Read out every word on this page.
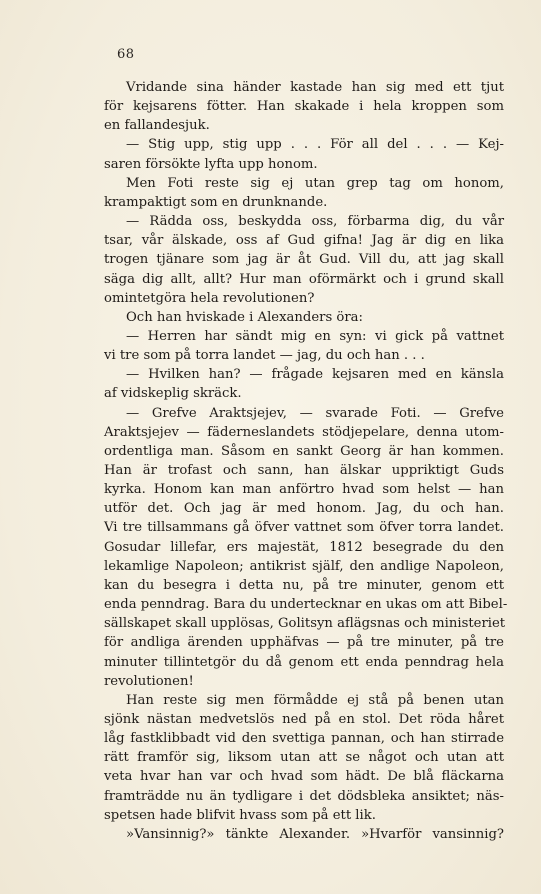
68
Vridande sina händer kastade han sig med ett tjut
för kejsarens fötter. Han skakade i hela kroppen som
en fallandesjuk.
— Stig upp, stig upp . . . För all del . . . — Kej-
saren försökte lyfta upp honom.
Men Foti reste sig ej utan grep tag om honom,
krampaktigt som en drunknande.
— Rädda oss, beskydda oss, förbarma dig, du vår
tsar, vår älskade, oss af Gud gifna! Jag är dig en lika
trogen tjänare som jag är åt Gud. Vill du, att jag skall
säga dig allt, allt? Hur man oförmärkt och i grund skall
omintetgöra hela revolutionen?
Och han hviskade i Alexanders öra:
— Herren har sändt mig en syn: vi gick på vattnet
vi tre som på torra landet — jag, du och han . . .
— Hvilken han? — frågade kejsaren med en känsla
af vidskeplig skräck.
— Grefve Araktsjejev, — svarade Foti. — Grefve
Araktsjejev — fäderneslandets stödjepelare, denna utom-
ordentliga man. Såsom en sankt Georg är han kommen.
Han är trofast och sann, han älskar uppriktigt Guds
kyrka. Honom kan man anförtro hvad som helst — han
utför det. Och jag är med honom. Jag, du och han.
Vi tre tillsammans gå öfver vattnet som öfver torra landet.
Gosudar lillefar, ers majestät, 1812 besegrade du den
lekamlige Napoleon; antikrist själf, den andlige Napoleon,
kan du besegra i detta nu, på tre minuter, genom ett
enda penndrag. Bara du undertecknar en ukas om att Bibel-
sällskapet skall upplösas, Golitsyn aflägsnas och ministeriet
för andliga ärenden upphäfvas — på tre minuter, på tre
minuter tillintetgör du då genom ett enda penndrag hela
revolutionen!
Han reste sig men förmådde ej stå på benen utan
sjönk nästan medvetslös ned på en stol. Det röda håret
låg fastklibbadt vid den svettiga pannan, och han stirrade
rätt framför sig, liksom utan att se något och utan att
veta hvar han var och hvad som hädt. De blå fläckarna
framträdde nu än tydligare i det dödsbleka ansiktet; näs-
spetsen hade blifvit hvass som på ett lik.
»Vansinnig?» tänkte Alexander. »Hvarför vansinnig?
